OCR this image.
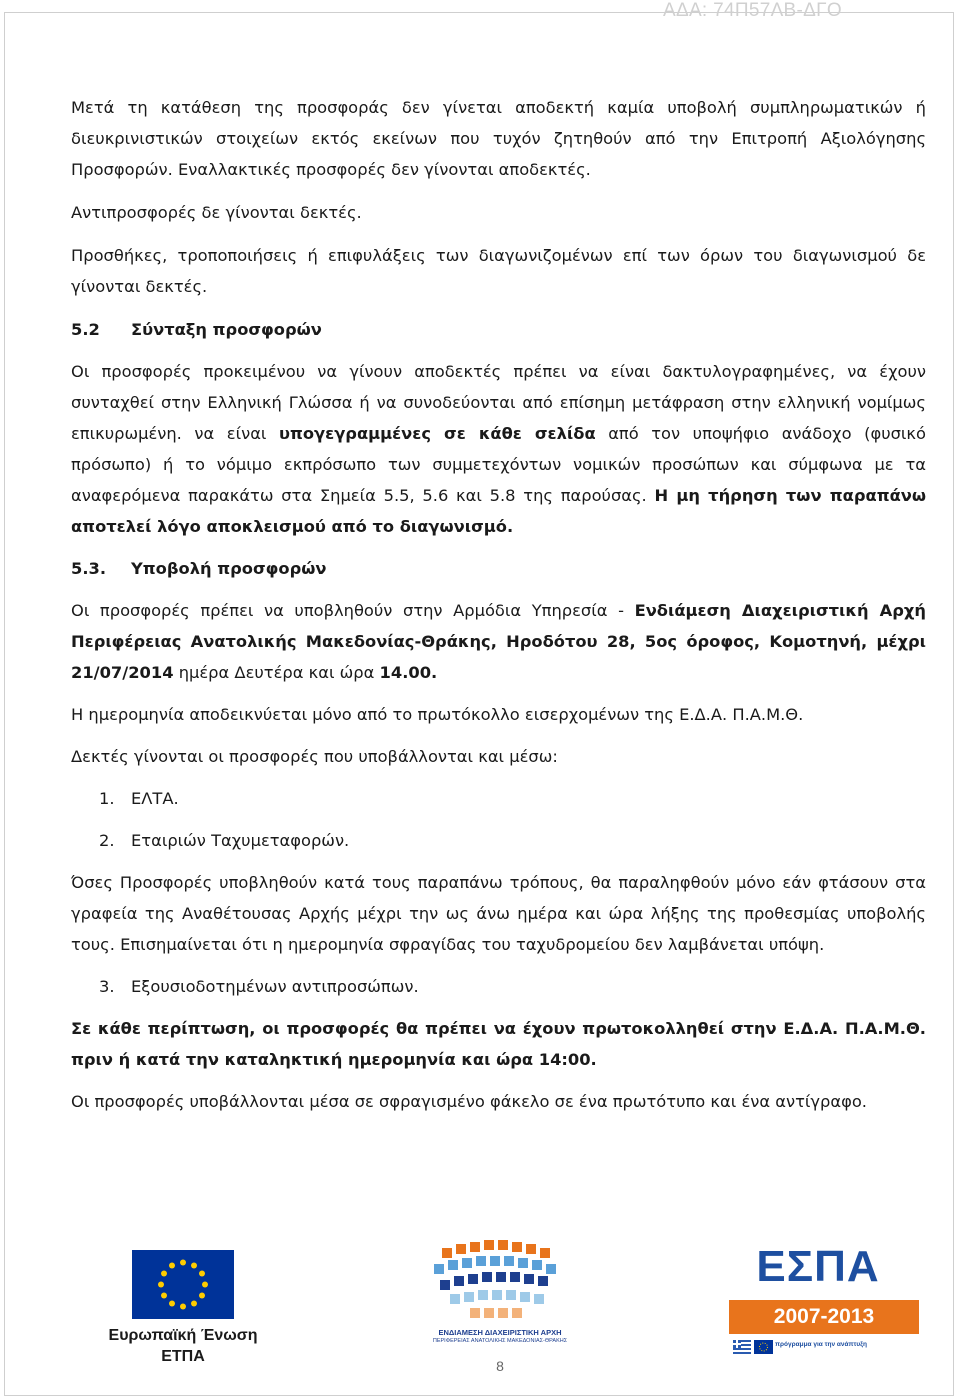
ΑΔΑ: 74Π57ΛΒ-ΔΓΟ

Μετά τη κατάθεση της προσφοράς δεν γίνεται αποδεκτή καμία υποβολή συμπληρωματικών ή διευκρινιστικών στοιχείων εκτός εκείνων που τυχόν ζητηθούν από την Επιτροπή Αξιολόγησης Προσφορών. Εναλλακτικές προσφορές δεν γίνονται αποδεκτές.

Αντιπροσφορές δε γίνονται δεκτές.

Προσθήκες, τροποποιήσεις ή επιφυλάξεις των διαγωνιζομένων επί των όρων του διαγωνισμού δε γίνονται δεκτές.

5.2 Σύνταξη προσφορών

Οι προσφορές προκειμένου να γίνουν αποδεκτές πρέπει να είναι δακτυλογραφημένες, να έχουν συνταχθεί στην Ελληνική Γλώσσα ή να συνοδεύονται από επίσημη μετάφραση στην ελληνική νομίμως επικυρωμένη. να είναι υπογεγραμμένες σε κάθε σελίδα από τον υποψήφιο ανάδοχο (φυσικό πρόσωπο) ή το νόμιμο εκπρόσωπο των συμμετεχόντων νομικών προσώπων και σύμφωνα με τα αναφερόμενα παρακάτω στα Σημεία 5.5, 5.6 και 5.8 της παρούσας. Η μη τήρηση των παραπάνω αποτελεί λόγο αποκλεισμού από το διαγωνισμό.

5.3. Υποβολή προσφορών

Οι προσφορές πρέπει να υποβληθούν στην Αρμόδια Υπηρεσία - Ενδιάμεση Διαχειριστική Αρχή Περιφέρειας Ανατολικής Μακεδονίας-Θράκης, Ηροδότου 28, 5ος όροφος, Κομοτηνή, μέχρι 21/07/2014 ημέρα Δευτέρα και ώρα 14.00.

Η ημερομηνία αποδεικνύεται μόνο από το πρωτόκολλο εισερχομένων της Ε.Δ.Α. Π.Α.Μ.Θ.

Δεκτές γίνονται οι προσφορές που υποβάλλονται και μέσω:

1. ΕΛΤΑ.

2. Εταιριών Ταχυμεταφορών.

Όσες Προσφορές υποβληθούν κατά τους παραπάνω τρόπους, θα παραληφθούν μόνο εάν φτάσουν στα γραφεία της Αναθέτουσας Αρχής μέχρι την ως άνω ημέρα και ώρα λήξης της προθεσμίας υποβολής τους. Επισημαίνεται ότι η ημερομηνία σφραγίδας του ταχυδρομείου δεν λαμβάνεται υπόψη.

3. Εξουσιοδοτημένων αντιπροσώπων.

Σε κάθε περίπτωση, οι προσφορές θα πρέπει να έχουν πρωτοκολληθεί στην Ε.Δ.Α. Π.Α.Μ.Θ. πριν ή κατά την καταληκτική ημερομηνία και ώρα 14:00.

Οι προσφορές υποβάλλονται μέσα σε σφραγισμένο φάκελο σε ένα πρωτότυπο και ένα αντίγραφο.

Ευρωπαϊκή Ένωση
ΕΤΠΑ
ΕΝΔΙΑΜΕΣΗ ΔΙΑΧΕΙΡΙΣΤΙΚΗ ΑΡΧΗ
ΠΕΡΙΦΕΡΕΙΑΣ ΑΝΑΤΟΛΙΚΗΣ ΜΑΚΕΔΟΝΙΑΣ-ΘΡΑΚΗΣ
8
ΕΣΠΑ
2007-2013
πρόγραμμα για την ανάπτυξη
